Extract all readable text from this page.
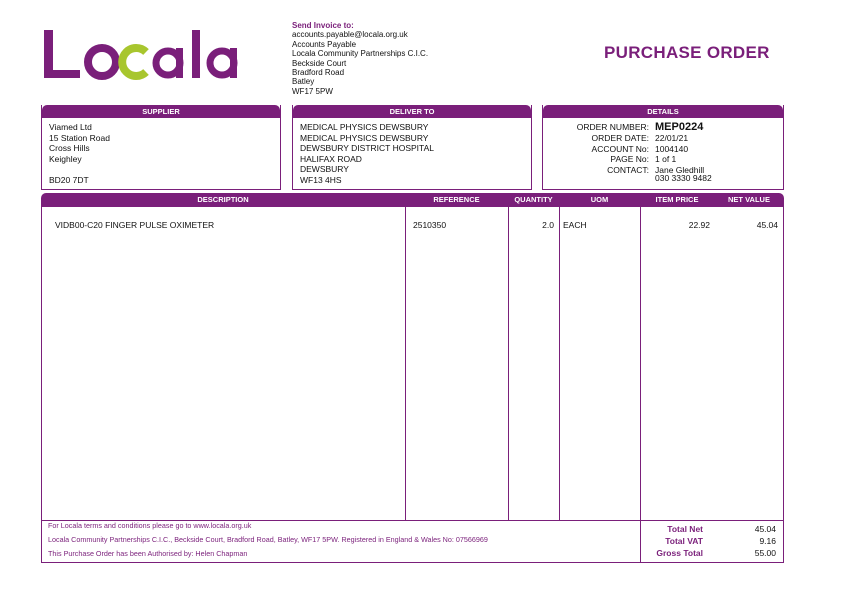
Send Invoice to:
accounts.payable@locala.org.uk
Accounts Payable
Locala Community Partnerships C.I.C.
Beckside Court
Bradford Road
Batley
WF17 5PW
PURCHASE ORDER
SUPPLIER
Viamed Ltd
15 Station Road
Cross Hills
Keighley
BD20 7DT
DELIVER TO
MEDICAL PHYSICS DEWSBURY
MEDICAL PHYSICS DEWSBURY
DEWSBURY DISTRICT HOSPITAL
HALIFAX ROAD
DEWSBURY
WF13 4HS
DETAILS
ORDER NUMBER: MEP0224
ORDER DATE: 22/01/21
ACCOUNT No: 1004140
PAGE No: 1 of 1
CONTACT: Jane Gledhill
030 3330 9482
DESCRIPTION	REFERENCE	QUANTITY	UOM	ITEM PRICE	NET VALUE
VIDB00-C20 FINGER PULSE OXIMETER	2510350	2.0 EACH	22.92	45.04
For Locala terms and conditions please go to www.locala.org.uk
Locala Community Partnerships C.I.C., Beckside Court, Bradford Road, Batley, WF17 5PW. Registered in England & Wales No: 07566969
This Purchase Order has been Authorised by: Helen Chapman
Total Net	45.04
Total VAT	9.16
Gross Total	55.00
